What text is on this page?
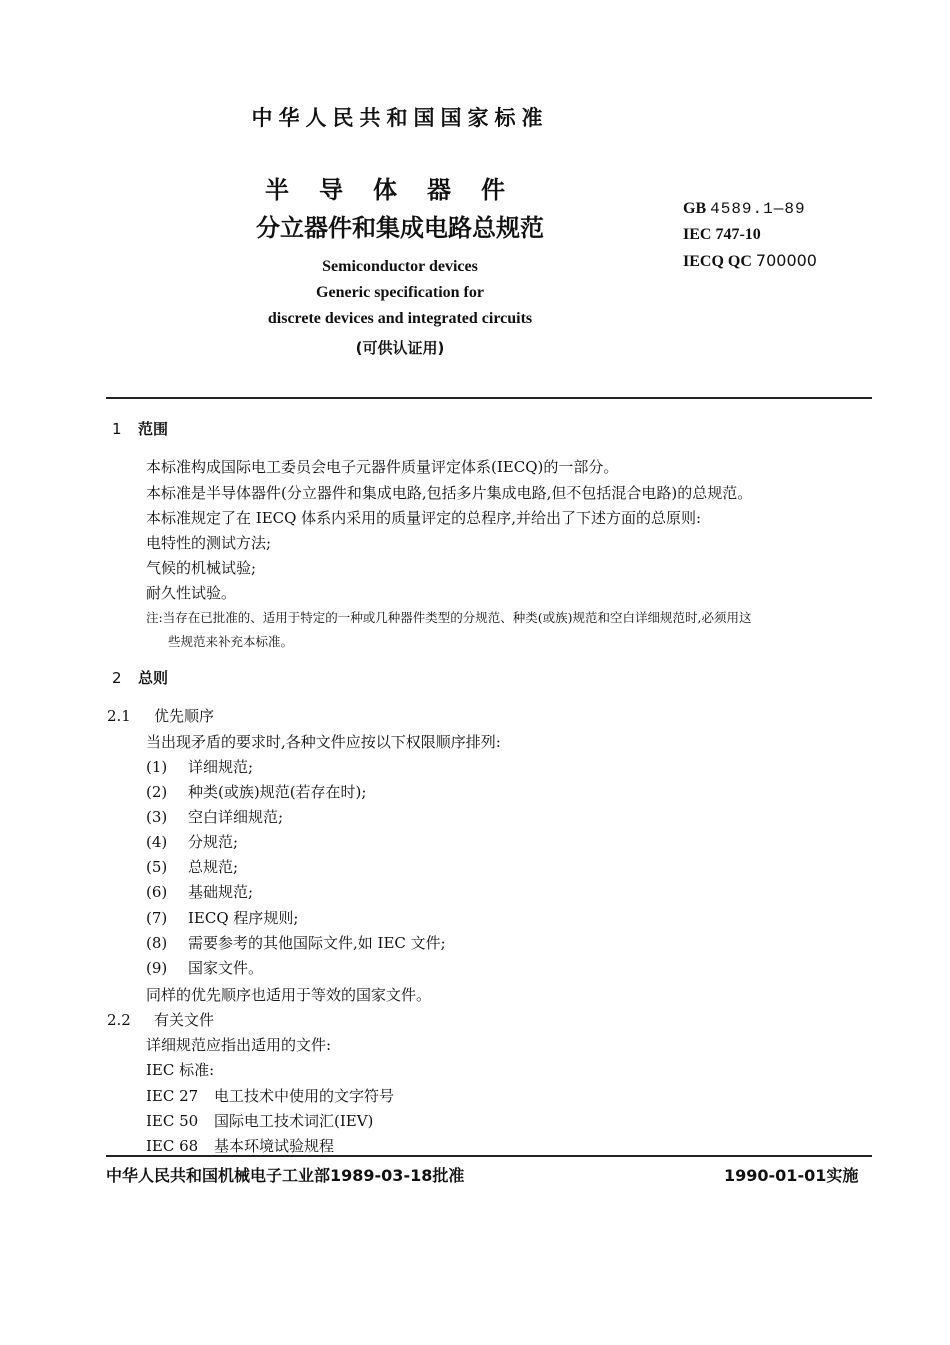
中华人民共和国国家标准
半导体器件
分立器件和集成电路总规范
Semiconductor devices
Generic specification for
discrete devices and integrated circuits
(可供认证用)
GB 4589.1—89
IEC 747-10
IECQ QC 700000
1 范围
本标准构成国际电工委员会电子元器件质量评定体系(IECQ)的一部分。
本标准是半导体器件(分立器件和集成电路,包括多片集成电路,但不包括混合电路)的总规范。
本标准规定了在 IECQ 体系内采用的质量评定的总程序,并给出了下述方面的总原则:
电特性的测试方法;
气候的机械试验;
耐久性试验。
注:当存在已批准的、适用于特定的一种或几种器件类型的分规范、种类(或族)规范和空白详细规范时,必须用这
些规范来补充本标准。
2 总则
2.1 优先顺序
当出现矛盾的要求时,各种文件应按以下权限顺序排列:
(1) 详细规范;
(2) 种类(或族)规范(若存在时);
(3) 空白详细规范;
(4) 分规范;
(5) 总规范;
(6) 基础规范;
(7) IECQ 程序规则;
(8) 需要参考的其他国际文件,如 IEC 文件;
(9) 国家文件。
同样的优先顺序也适用于等效的国家文件。
2.2 有关文件
详细规范应指出适用的文件:
IEC 标准:
IEC 27 电工技术中使用的文字符号
IEC 50 国际电工技术词汇(IEV)
IEC 68 基本环境试验规程
中华人民共和国机械电子工业部1989-03-18批准	1990-01-01实施
